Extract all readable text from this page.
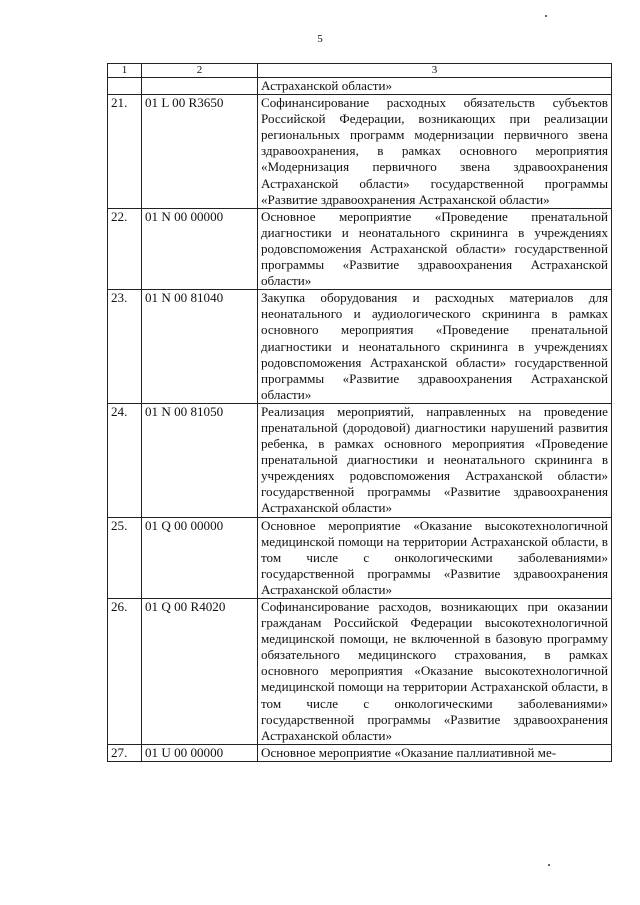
5
1	2	3
		Астраханской области»
21.	01 L 00 R3650	Софинансирование расходных обязательств субъектов Российской Федерации, возникающих при реализации региональных программ модернизации первичного звена здравоохранения, в рамках основного мероприятия «Модернизация первичного звена здравоохранения Астраханской области» государственной программы «Развитие здравоохранения Астраханской области»
22.	01 N 00 00000	Основное мероприятие «Проведение пренатальной диагностики и неонатального скрининга в учреждениях родовспоможения Астраханской области» государственной программы «Развитие здравоохранения Астраханской области»
23.	01 N 00 81040	Закупка оборудования и расходных материалов для неонатального и аудиологического скрининга в рамках основного мероприятия «Проведение пренатальной диагностики и неонатального скрининга в учреждениях родовспоможения Астраханской области» государственной программы «Развитие здравоохранения Астраханской области»
24.	01 N 00 81050	Реализация мероприятий, направленных на проведение пренатальной (дородовой) диагностики нарушений развития ребенка, в рамках основного мероприятия «Проведение пренатальной диагностики и неонатального скрининга в учреждениях родовспоможения Астраханской области» государственной программы «Развитие здравоохранения Астраханской области»
25.	01 Q 00 00000	Основное мероприятие «Оказание высокотехнологичной медицинской помощи на территории Астраханской области, в том числе с онкологическими заболеваниями» государственной программы «Развитие здравоохранения Астраханской области»
26.	01 Q 00 R4020	Софинансирование расходов, возникающих при оказании гражданам Российской Федерации высокотехнологичной медицинской помощи, не включенной в базовую программу обязательного медицинского страхования, в рамках основного мероприятия «Оказание высокотехнологичной медицинской помощи на территории Астраханской области, в том числе с онкологическими заболеваниями» государственной программы «Развитие здравоохранения Астраханской области»
27.	01 U 00 00000	Основное мероприятие «Оказание паллиативной ме-
